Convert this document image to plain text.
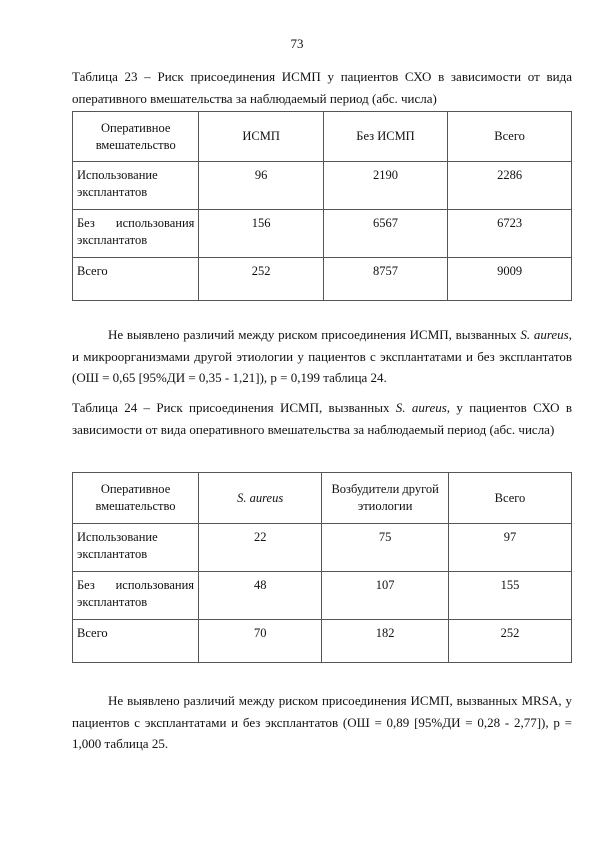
73
Таблица 23 – Риск присоединения ИСМП у пациентов СХО в зависимости от вида оперативного вмешательства за наблюдаемый период (абс. числа)
Оперативное вмешательство	ИСМП	Без ИСМП	Всего
Использование эксплантатов	96	2190	2286
Без использования эксплантатов	156	6567	6723
Всего	252	8757	9009
Не выявлено различий между риском присоединения ИСМП, вызванных S. aureus, и микроорганизмами другой этиологии у пациентов с эксплантатами и без эксплантатов (ОШ = 0,65 [95%ДИ = 0,35 - 1,21]), р = 0,199 таблица 24.
Таблица 24 – Риск присоединения ИСМП, вызванных S. aureus, у пациентов СХО в зависимости от вида оперативного вмешательства за наблюдаемый период (абс. числа)
Оперативное вмешательство	S. aureus	Возбудители другой этиологии	Всего
Использование эксплантатов	22	75	97
Без использования эксплантатов	48	107	155
Всего	70	182	252
Не выявлено различий между риском присоединения ИСМП, вызванных MRSA, у пациентов с эксплантатами и без эксплантатов (ОШ = 0,89 [95%ДИ = 0,28 - 2,77]), р = 1,000 таблица 25.
